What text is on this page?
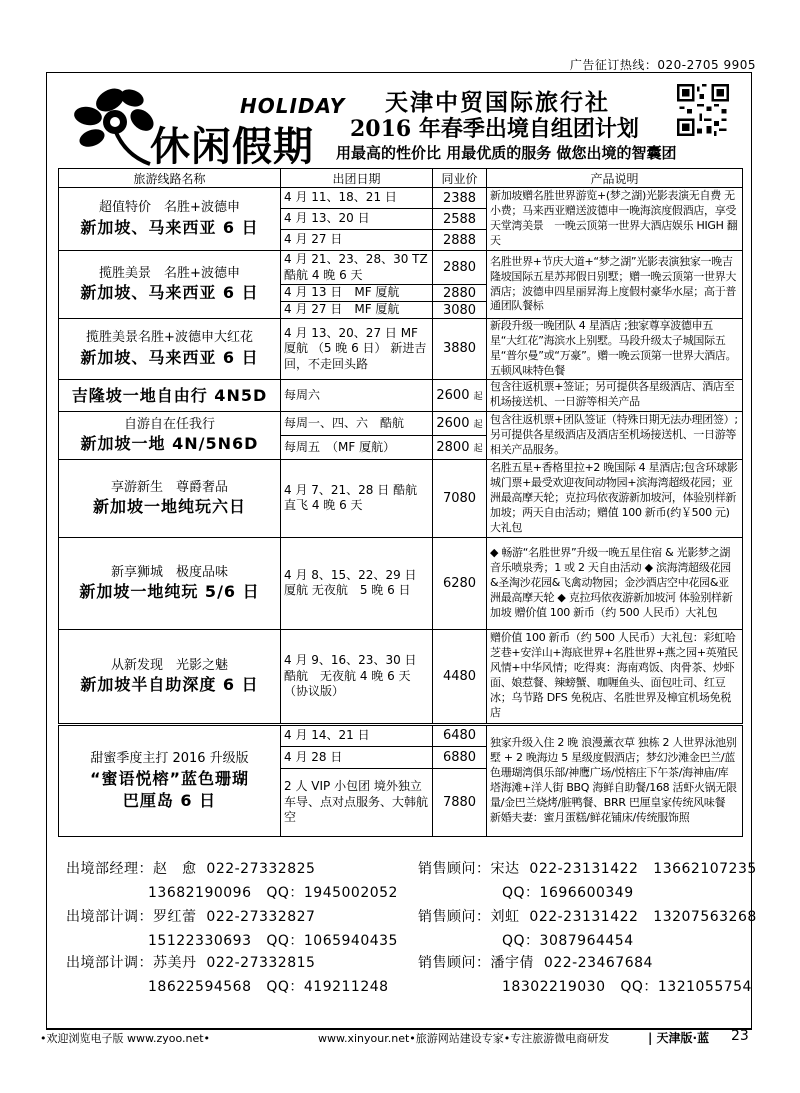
广告征订热线：020-2705 9905
HOLIDAY
休闲假期
天津中贸国际旅行社
2016 年春季出境自组团计划
用最高的性价比 用最优质的服务 做您出境的智囊团
旅游线路名称	出团日期	同业价	产品说明

超值特价　名胜+波德申
新加坡、马来西亚 6 日	4 月 11、18、21 日	2388	新加坡赠名胜世界游览+(梦之湖)光影表演无自费 无小费；马来西亚赠送波德申一晚海滨度假酒店，享受天堂湾美景　一晚云顶第一世界大酒店娱乐 HIGH 翻天
	4 月 13、20 日	2588	
	4 月 27 日	2888	

揽胜美景　名胜+波德申
新加坡、马来西亚 6 日	4 月 21、23、28、30 TZ 酷航 4 晚 6 天	2880	名胜世界+节庆大道+“梦之湖”光影表演独家一晚吉隆坡国际五星苏邦假日别墅；赠一晚云顶第一世界大酒店；波德申四星丽昇海上度假村豪华水屋；高于普通团队餐标
	4 月 13 日　MF 厦航	2880	
	4 月 27 日　MF 厦航	3080	

揽胜美景名胜+波德申大红花
新加坡、马来西亚 6 日	4 月 13、20、27 日 MF 厦航 （5 晚 6 日） 新进吉回，不走回头路	3880	新段升级一晚团队 4 星酒店 ;独家尊享波德申五星“大红花”海滨水上别墅。马段升级太子城国际五星“普尔曼”或“万豪”。赠一晚云顶第一世界大酒店。五顿风味特色餐

吉隆坡一地自由行 4N5D	每周六	2600 起	包含往返机票+签证；另可提供各星级酒店、酒店至机场接送机、一日游等相关产品

自游自在任我行
新加坡一地 4N/5N6D	每周一、四、六　酷航	2600 起	包含往返机票+团队签证（特殊日期无法办理团签）;另可提供各星级酒店及酒店至机场接送机、一日游等相关产品服务。
	每周五　（MF 厦航）	2800 起	

享游新生　尊爵奢品
新加坡一地纯玩六日	4 月 7、21、28 日 酷航直飞 4 晚 6 天	7080	名胜五星+香格里拉+2 晚国际 4 星酒店;包含环球影城门票+最受欢迎夜间动物园+滨海湾超级花园；亚洲最高摩天轮；克拉玛依夜游新加坡河，体验别样新加坡；两天自由活动；赠值 100 新币(约￥500 元)大礼包

新享狮城　极度品味
新加坡一地纯玩 5/6 日	4 月 8、15、22、29 日 厦航 无夜航　5 晚 6 日	6280	◆ 畅游“名胜世界”升级一晚五星住宿 & 光影梦之湖音乐喷泉秀；1 或 2 天自由活动 ◆ 滨海湾超级花园&圣淘沙花园&飞禽动物园；金沙酒店空中花园&亚洲最高摩天轮 ◆ 克拉玛依夜游新加坡河 体验别样新加坡 赠价值 100 新币（约 500 人民币）大礼包

从新发现　光影之魅
新加坡半自助深度 6 日	4 月 9、16、23、30 日 酷航　无夜航 4 晚 6 天　（协议版）	4480	赠价值 100 新币（约 500 人民币）大礼包：彩虹哈芝巷+安洋山+海底世界+名胜世界+燕之园+英殖民风情+中华风情；吃得爽：海南鸡饭、肉骨茶、炒虾面、娘惹餐、辣螃蟹、咖喱鱼头、面包吐司、红豆冰；乌节路 DFS 免税店、名胜世界及樟宜机场免税店

甜蜜季度主打 2016 升级版
“蜜语悦榕”蓝色珊瑚
巴厘岛 6 日	4 月 14、21 日	6480	独家升级入住 2 晚 浪漫薰衣草 独栋 2 人世界泳池别墅 + 2 晚海边 5 星级度假酒店；梦幻沙滩金巴兰/蓝色珊瑚湾俱乐部/神鹰广场/悦榕庄下午茶/海神庙/库塔海滩+洋人街 BBQ 海鲜自助餐/168 活虾火锅无限量/金巴兰烧烤/脏鸭餐、BRR 巴厘皇家传统风味餐 新婚夫妻：蜜月蛋糕/鲜花铺床/传统服饰照
	4 月 28 日	6880	
	2 人 VIP 小包团 境外独立车导、点对点服务、大韩航空	7880	
出境部经理：赵　愈 022-27332825
13682190096 QQ：1945002052
销售顾问：宋达 022-23131422 13662107235
QQ：1696600349
出境部计调：罗红蕾 022-27332827
15122330693 QQ：1065940435
销售顾问：刘虹 022-23131422 13207563268
QQ：3087964454
出境部计调：苏美丹 022-27332815
18622594568 QQ：419211248
销售顾问：潘宇倩 022-23467684
18302219030 QQ：1321055754
•欢迎浏览电子版 www.zyoo.net•	www.xinyour.net•旅游网站建设专家•专注旅游微电商研发	| 天津版·蓝 23
